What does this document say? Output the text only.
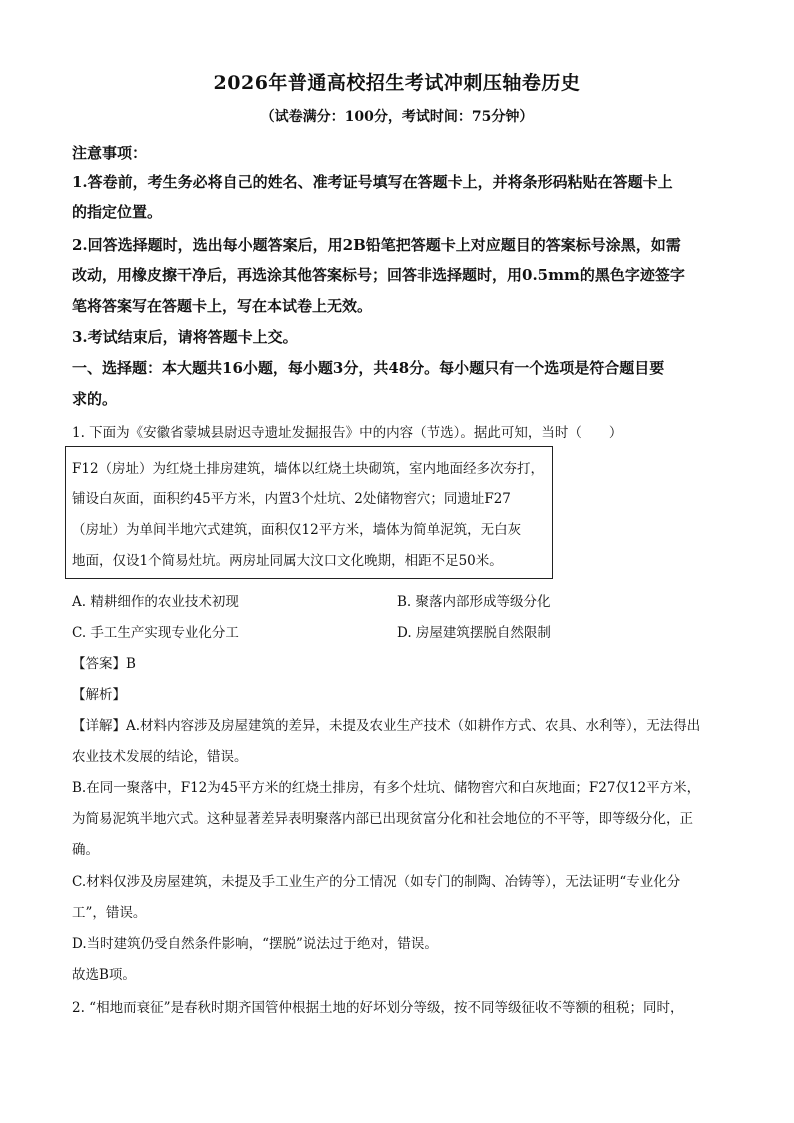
2026年普通高校招生考试冲刺压轴卷历史
（试卷满分：100分，考试时间：75分钟）
注意事项：
1.答卷前，考生务必将自己的姓名、准考证号填写在答题卡上，并将条形码粘贴在答题卡上
的指定位置。
2.回答选择题时，选出每小题答案后，用2B铅笔把答题卡上对应题目的答案标号涂黑，如需
改动，用橡皮擦干净后，再选涂其他答案标号；回答非选择题时，用0.5mm的黑色字迹签字
笔将答案写在答题卡上，写在本试卷上无效。
3.考试结束后，请将答题卡上交。
一、选择题：本大题共16小题，每小题3分，共48分。每小题只有一个选项是符合题目要
求的。
1. 下面为《安徽省蒙城县尉迟寺遗址发掘报告》中的内容（节选）。据此可知，当时（　　）
F12（房址）为红烧土排房建筑，墙体以红烧土块砌筑，室内地面经多次夯打，
铺设白灰面，面积约45平方米，内置3个灶坑、2处储物窖穴；同遗址F27
（房址）为单间半地穴式建筑，面积仅12平方米，墙体为简单泥筑，无白灰
地面，仅设1个简易灶坑。两房址同属大汶口文化晚期，相距不足50米。
A. 精耕细作的农业技术初现	B. 聚落内部形成等级分化
C. 手工生产实现专业化分工	D. 房屋建筑摆脱自然限制
【答案】B
【解析】
【详解】A.材料内容涉及房屋建筑的差异，未提及农业生产技术（如耕作方式、农具、水利等），无法得出
农业技术发展的结论，错误。
B.在同一聚落中，F12为45平方米的红烧土排房，有多个灶坑、储物窖穴和白灰地面；F27仅12平方米，
为简易泥筑半地穴式。这种显著差异表明聚落内部已出现贫富分化和社会地位的不平等，即等级分化，正
确。
C.材料仅涉及房屋建筑，未提及手工业生产的分工情况（如专门的制陶、冶铸等），无法证明“专业化分
工”，错误。
D.当时建筑仍受自然条件影响，“摆脱”说法过于绝对，错误。
故选B项。
2. “相地而衰征”是春秋时期齐国管仲根据土地的好坏划分等级，按不同等级征收不等额的租税；同时，
